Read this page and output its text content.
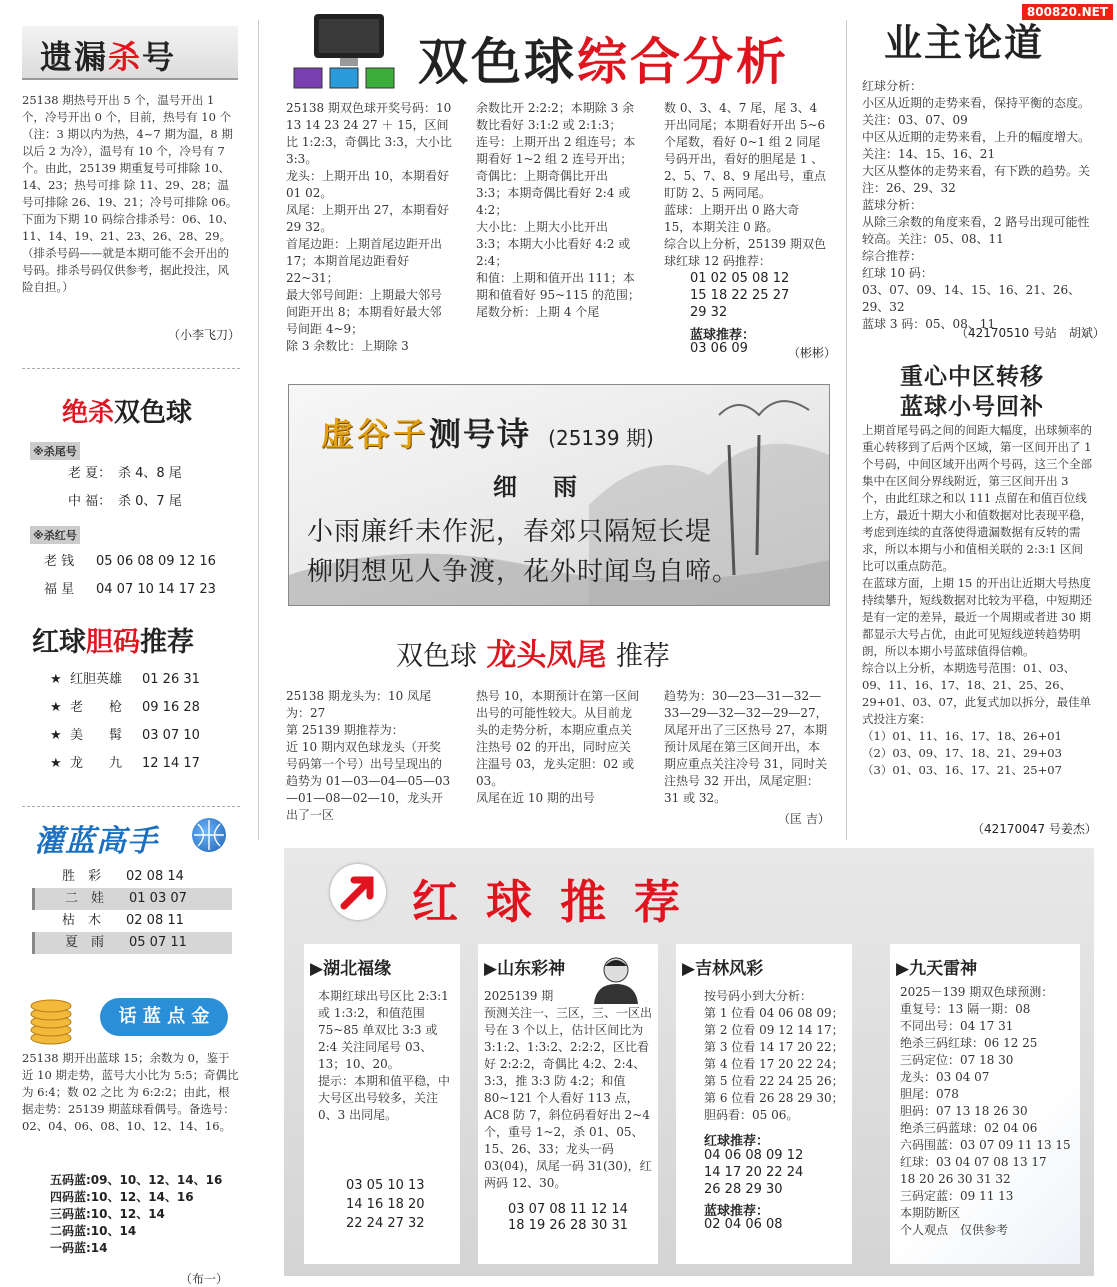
800820.NET
遗漏杀号
25138 期热号开出 5 个，温号开出 1 个，冷号开出 0 个，目前，热号有 10 个（注：3 期以内为热，4~7 期为温，8 期以后 2 为冷），温号有 10 个，冷号有 7 个。由此，25139 期重复号可排除 10、14、23；热号可排 除 11、29、28；温号可排除 26、19、21；冷号可排除 06。
下面为下期 10 码综合排杀号：06、10、11、14、19、21、23、26、28、29。
（排杀号码——就是本期可能不会开出的号码。排杀号码仅供参考，据此投注，风险自担。）
（小李飞刀）
绝杀双色球
※杀尾号
老 夏： 杀 4、8 尾
中 福： 杀 0、7 尾
※杀红号
老 钱 05 06 08 09 12 16
福 星 04 07 10 14 17 23
红球胆码推荐
★ 红胆英雄 01 26 31
★ 老　　枪 09 16 28
★ 美　　髯 03 07 10
★ 龙　　九 12 14 17
灌蓝高手
胜　彩 02 08 14
二　娃 01 03 07
枯　木 02 08 11
夏　雨 05 07 11
话 蓝 点 金
25138 期开出蓝球 15；余数为 0，鉴于近 10 期走势，蓝号大小比为 5:5；奇偶比为 6:4；数 02 之比 为 6:2:2；由此，根据走势：25139 期蓝球看偶号。备选号：02、04、06、08、10、12、14、16。
五码蓝:09、10、12、14、16
四码蓝:10、12、14、16
三码蓝:10、12、14
二码蓝:10、14
一码蓝:14
（布一）
双色球综合分析
25138 期双色球开奖号码：10 13 14 23 24 27 ＋ 15，区间比 1:2:3，奇偶比 3:3，大小比 3:3。
龙头：上期开出 10，本期看好 01 02。
凤尾：上期开出 27，本期看好 29 32。
首尾边距：上期首尾边距开出 17；本期首尾边距看好 22~31；
最大邻号间距：上期最大邻号间距开出 8；本期看好最大邻号间距 4~9；
除 3 余数比：上期除 3
余数比开 2:2:2；本期除 3 余数比看好 3:1:2 或 2:1:3；
连号：上期开出 2 组连号；本期看好 1~2 组 2 连号开出；
奇偶比：上期奇偶比开出 3:3；本期奇偶比看好 2:4 或 4:2；
大小比：上期大小比开出 3:3；本期大小比看好 4:2 或 2:4；
和值：上期和值开出 111；本期和值看好 95~115 的范围；
尾数分析：上期 4 个尾
数 0、3、4、7 尾，尾 3、4 开出同尾；本期看好开出 5~6 个尾数，看好 0~1 组 2 同尾号码开出，看好的胆尾是 1 、2、5、7、8、9 尾出号，重点盯防 2、5 两同尾。
蓝球：上期开出 0 路大奇 15，本期关注 0 路。
综合以上分析，25139 期双色球红球 12 码推荐：
01 02 05 08 12
15 18 22 25 27
29 32
蓝球推荐：
03 06 09	（彬彬）
虚谷子测号诗 (25139 期)
细　雨
小雨廉纤未作泥，春郊只隔短长堤
柳阴想见人争渡，花外时闻鸟自啼。
双色球 龙头凤尾 推荐
25138 期龙头为：10 凤尾为：27
第 25139 期推荐为：
近 10 期内双色球龙头（开奖号码第一个号）出号呈现出的趋势为 01—03—04—05—03—01—08—02—10，龙头开出了一区
热号 10，本期预计在第一区间出号的可能性较大。从目前龙头的走势分析，本期应重点关注热号 02 的开出，同时应关注温号 03，龙头定胆：02 或 03。
凤尾在近 10 期的出号
趋势为：30—23—31—32—33—29—32—32—29—27，凤尾开出了三区热号 27，本期预计凤尾在第三区间开出，本期应重点关注冷号 31，同时关注热号 32 开出，凤尾定胆：31 或 32。
（匡 吉）
业主论道
红球分析：
小区从近期的走势来看，保持平衡的态度。关注：03、07、09
中区从近期的走势来看，上升的幅度增大。关注：14、15、16、21
大区从整体的走势来看，有下跌的趋势。关注：26、29、32
蓝球分析：
从除三余数的角度来看，2 路号出现可能性较高。关注：05、08、11
综合推荐：
红球 10 码：
03、07、09、14、15、16、21、26、29、32
蓝球 3 码：05、08、11
（42170510 号站　胡斌）
重心中区转移
蓝球小号回补
上期首尾号码之间的间距大幅度，出球频率的重心转移到了后两个区域，第一区间开出了 1 个号码，中间区域开出两个号码，这三个全部集中在区间分界线附近，第三区间开出 3 个，由此红球之和以 111 点留在和值百位线上方，最近十期大小和值数据对比表现平稳，考虑到连续的直落使得遗漏数据有反转的需求，所以本期与小和值相关联的 2:3:1 区间比可以重点防范。
在蓝球方面，上期 15 的开出让近期大号热度持续攀升，短线数据对比较为平稳，中短期还是有一定的差异，最近一个周期或者进 30 期都显示大号占优，由此可见短线逆转趋势明朗，所以本期小号蓝球值得信赖。
综合以上分析，本期选号范围：01、03、09、11、16、17、18、21、25、26、29+01、03、07，此复式加以拆分，最佳单式投注方案：
（1）01、11、16、17、18、26+01
（2）03、09、17、18、21、29+03
（3）01、03、16、17、21、25+07
（42170047 号姜杰）
红 球 推 荐
▶湖北福缘
本期红球出号区比 2:3:1 或 1:3:2，和值范围 75~85 单双比 3:3 或 2:4 关注同尾号 03、13；10、20。
提示：本期和值平稳，中大号区出号较多，关注 0、3 出同尾。
03 05 10 13
14 16 18 20
22 24 27 32
▶山东彩神
2025139 期
预测关注一、三区，三、一区出号在 3 个以上，估计区间比为 3:1:2、1:3:2、2:2:2，区比看好 2:2:2，奇偶比 4:2、2:4、3:3，推 3:3 防 4:2；和值 80~121 个人看好 113 点，AC8 防 7，斜位码看好出 2~4 个，重号 1~2，杀 01、05、15、26、33；龙头一码 03(04)，凤尾一码 31(30)，红两码 12、30。
03 07 08 11 12 14
18 19 26 28 30 31
▶吉林风彩
按号码小到大分析：
第 1 位看 04 06 08 09；
第 2 位看 09 12 14 17；
第 3 位看 14 17 20 22；
第 4 位看 17 20 22 24；
第 5 位看 22 24 25 26；
第 6 位看 26 28 29 30；
胆码看：05 06。
红球推荐：
04 06 08 09 12
14 17 20 22 24
26 28 29 30
蓝球推荐：
02 04 06 08
▶九天雷神
2025－139 期双色球预测：
重复号：13 隔一期：08
不同出号：04 17 31
绝杀三码红球：06 12 25
三码定位：07 18 30
龙头：03 04 07
胆尾：078
胆码：07 13 18 26 30
绝杀三码蓝球：02 04 06
六码围蓝：03 07 09 11 13 15
红球：03 04 07 08 13 17
18 20 26 30 31 32
三码定蓝：09 11 13
本期防断区
个人观点　仅供参考
